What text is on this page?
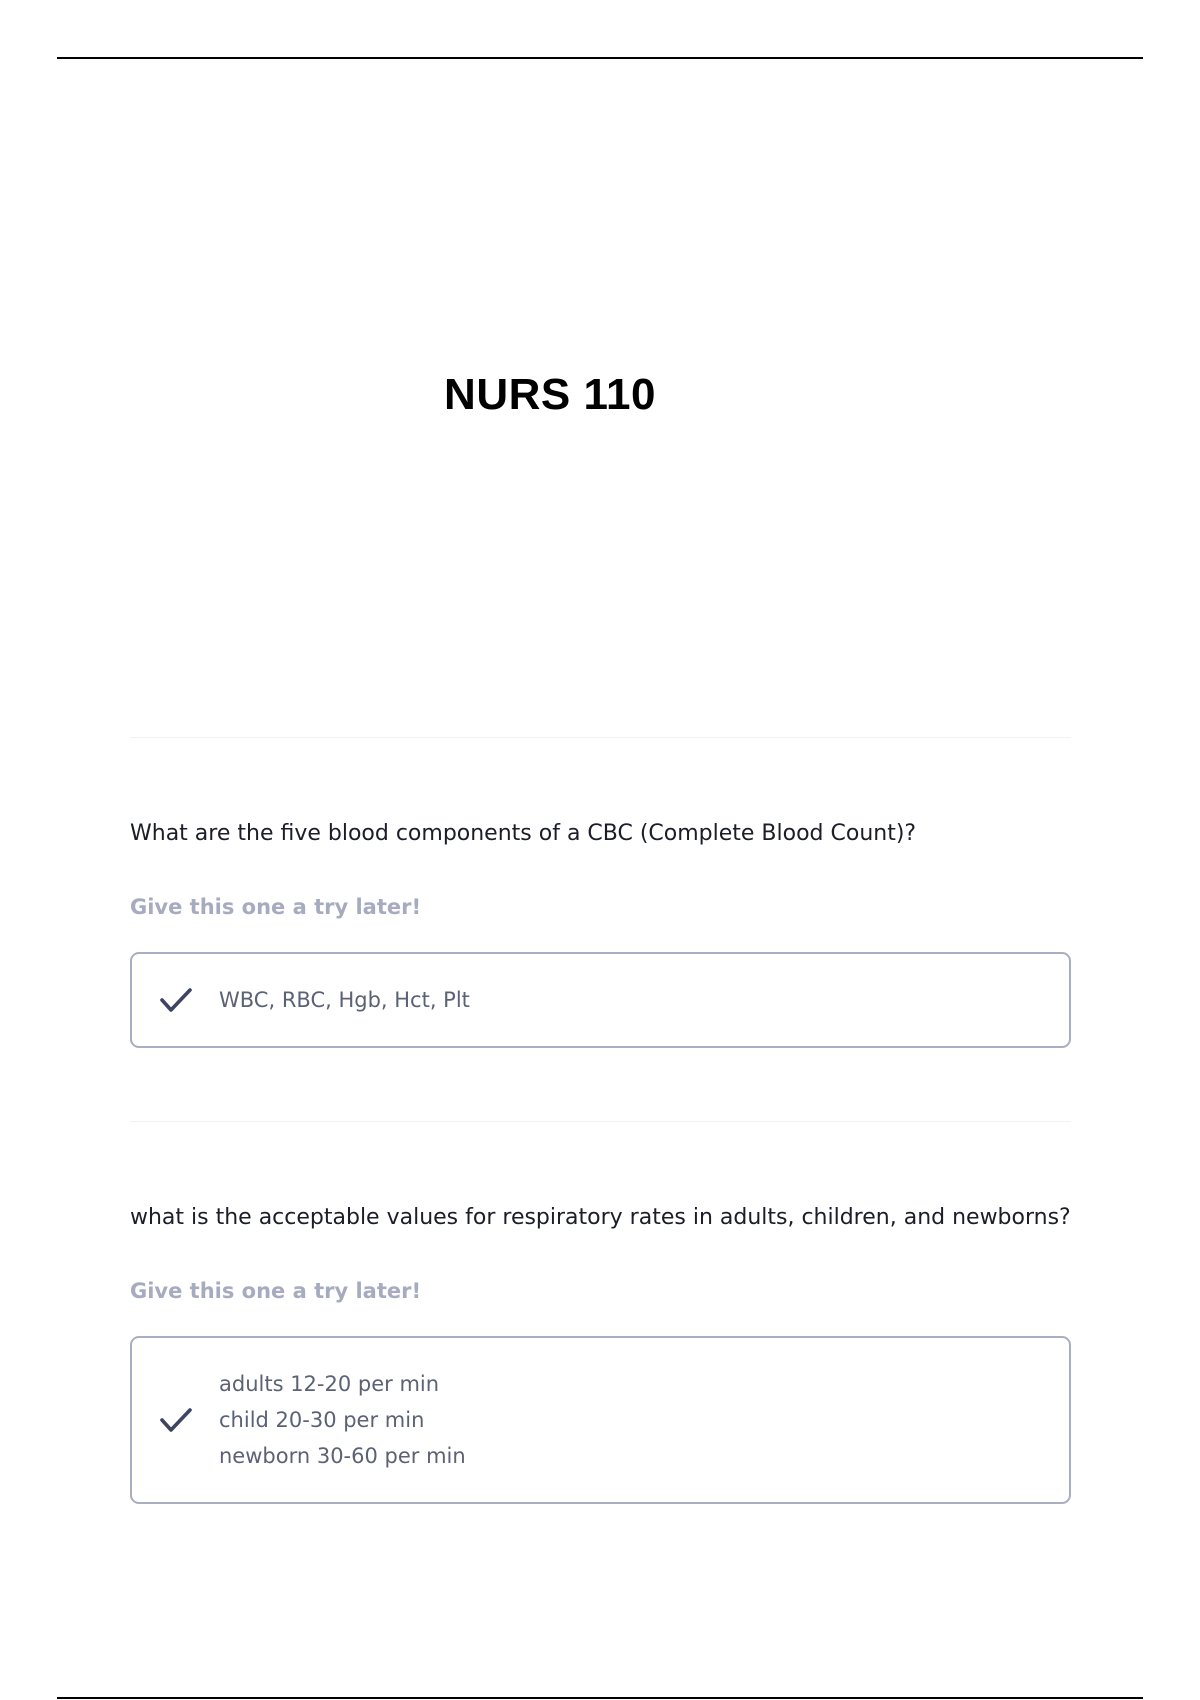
NURS 110

What are the five blood components of a CBC (Complete Blood Count)?

Give this one a try later!
WBC, RBC, Hgb, Hct, Plt

what is the acceptable values for respiratory rates in adults, children, and newborns?

Give this one a try later!
adults 12-20 per min
child 20-30 per min
newborn 30-60 per min
